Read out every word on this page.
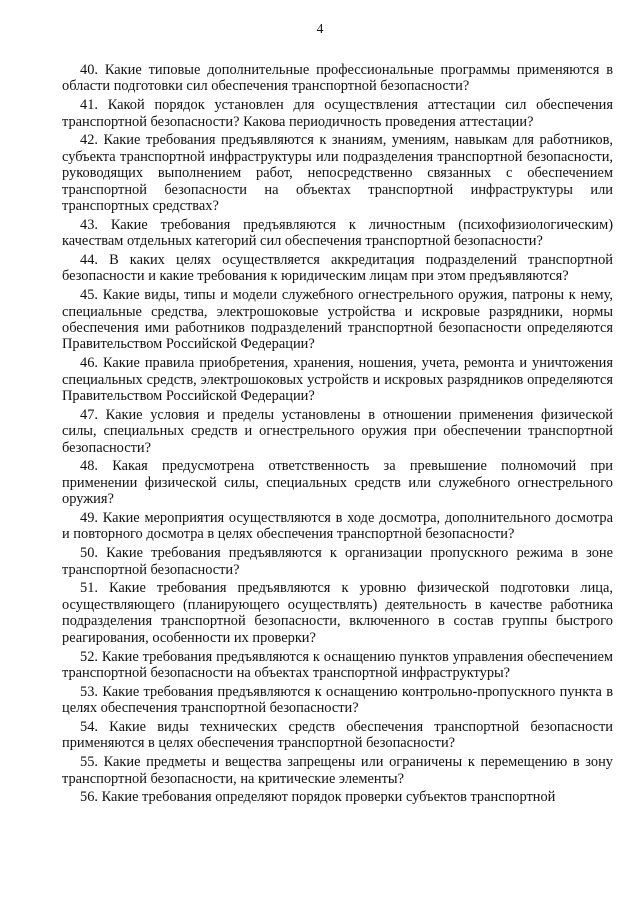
4

40. Какие типовые дополнительные профессиональные программы применяются в области подготовки сил обеспечения транспортной безопасности?

41. Какой порядок установлен для осуществления аттестации сил обеспечения транспортной безопасности? Какова периодичность проведения аттестации?

42. Какие требования предъявляются к знаниям, умениям, навыкам для работников, субъекта транспортной инфраструктуры или подразделения транспортной безопасности, руководящих выполнением работ, непосредственно связанных с обеспечением транспортной безопасности на объектах транспортной инфраструктуры или транспортных средствах?

43. Какие требования предъявляются к личностным (психофизиологическим) качествам отдельных категорий сил обеспечения транспортной безопасности?

44. В каких целях осуществляется аккредитация подразделений транспортной безопасности и какие требования к юридическим лицам при этом предъявляются?

45. Какие виды, типы и модели служебного огнестрельного оружия, патроны к нему, специальные средства, электрошоковые устройства и искровые разрядники, нормы обеспечения ими работников подразделений транспортной безопасности определяются Правительством Российской Федерации?

46. Какие правила приобретения, хранения, ношения, учета, ремонта и уничтожения специальных средств, электрошоковых устройств и искровых разрядников определяются Правительством Российской Федерации?

47. Какие условия и пределы установлены в отношении применения физической силы, специальных средств и огнестрельного оружия при обеспечении транспортной безопасности?

48. Какая предусмотрена ответственность за превышение полномочий при применении физической силы, специальных средств или служебного огнестрельного оружия?

49. Какие мероприятия осуществляются в ходе досмотра, дополнительного досмотра и повторного досмотра в целях обеспечения транспортной безопасности?

50. Какие требования предъявляются к организации пропускного режима в зоне транспортной безопасности?

51. Какие требования предъявляются к уровню физической подготовки лица, осуществляющего (планирующего осуществлять) деятельность в качестве работника подразделения транспортной безопасности, включенного в состав группы быстрого реагирования, особенности их проверки?

52. Какие требования предъявляются к оснащению пунктов управления обеспечением транспортной безопасности на объектах транспортной инфраструктуры?

53. Какие требования предъявляются к оснащению контрольно-пропускного пункта в целях обеспечения транспортной безопасности?

54. Какие виды технических средств обеспечения транспортной безопасности применяются в целях обеспечения транспортной безопасности?

55. Какие предметы и вещества запрещены или ограничены к перемещению в зону транспортной безопасности, на критические элементы?

56. Какие требования определяют порядок проверки субъектов транспортной
